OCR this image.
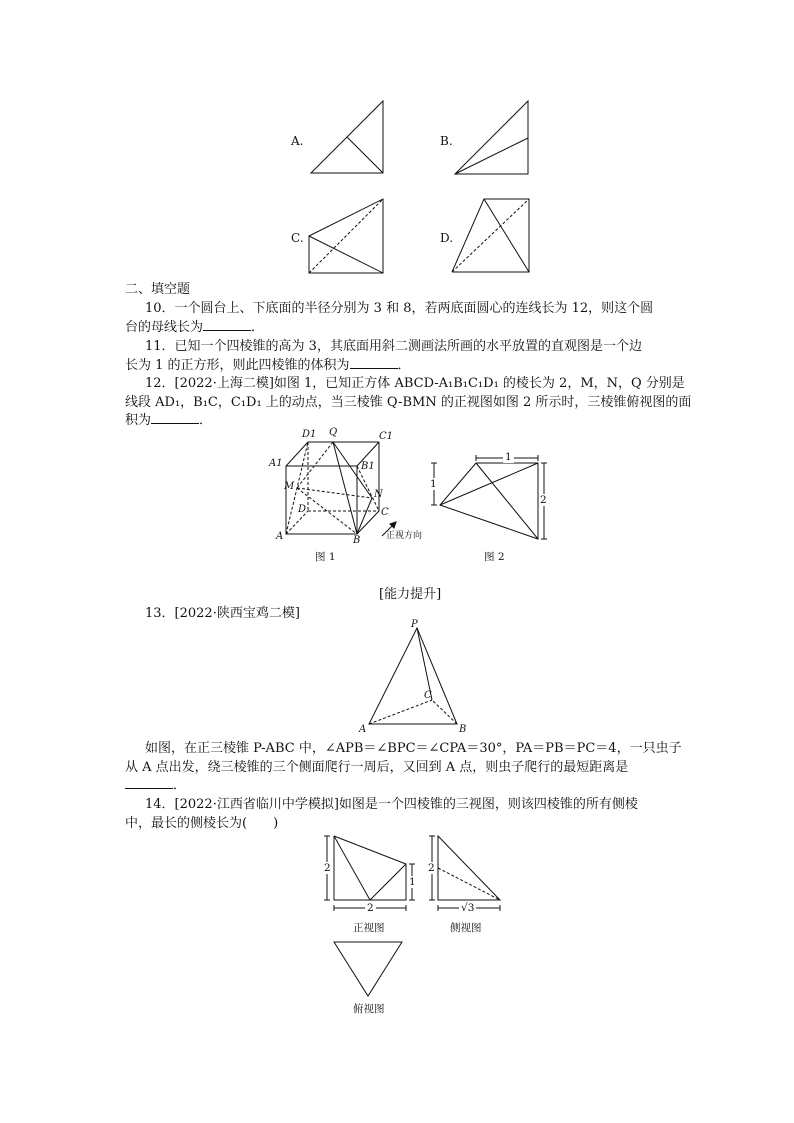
A.	B.
C.	D.
二、填空题
10．一个圆台上、下底面的半径分别为 3 和 8，若两底面圆心的连线长为 12，则这个圆
台的母线长为	．
11．已知一个四棱锥的高为 3，其底面用斜二测画法所画的水平放置的直观图是一个边
长为 1 的正方形，则此四棱锥的体积为	．
12．[2022·上海二模]如图 1，已知正方体 ABCD-A₁B₁C₁D₁ 的棱长为 2，M，N，Q 分别是
线段 AD₁，B₁C，C₁D₁ 上的动点，当三棱锥 Q-BMN 的正视图如图 2 所示时，三棱锥俯视图的面
积为	．
D1 Q	C1
A1	B1
M
N
D	C
A	B	正视方向
图 1
1
1
2
图 2
[能力提升]
13．[2022·陕西宝鸡二模]
P
C
A	B
如图，在正三棱锥 P-ABC 中，∠APB＝∠BPC＝∠CPA＝30°，PA＝PB＝PC＝4，一只虫子
从 A 点出发，绕三棱锥的三个侧面爬行一周后，又回到 A 点，则虫子爬行的最短距离是
．
14．[2022·江西省临川中学模拟]如图是一个四棱锥的三视图，则该四棱锥的所有侧棱
中，最长的侧棱长为(　　)
2
1
2
正视图
2
√3
侧视图
俯视图
